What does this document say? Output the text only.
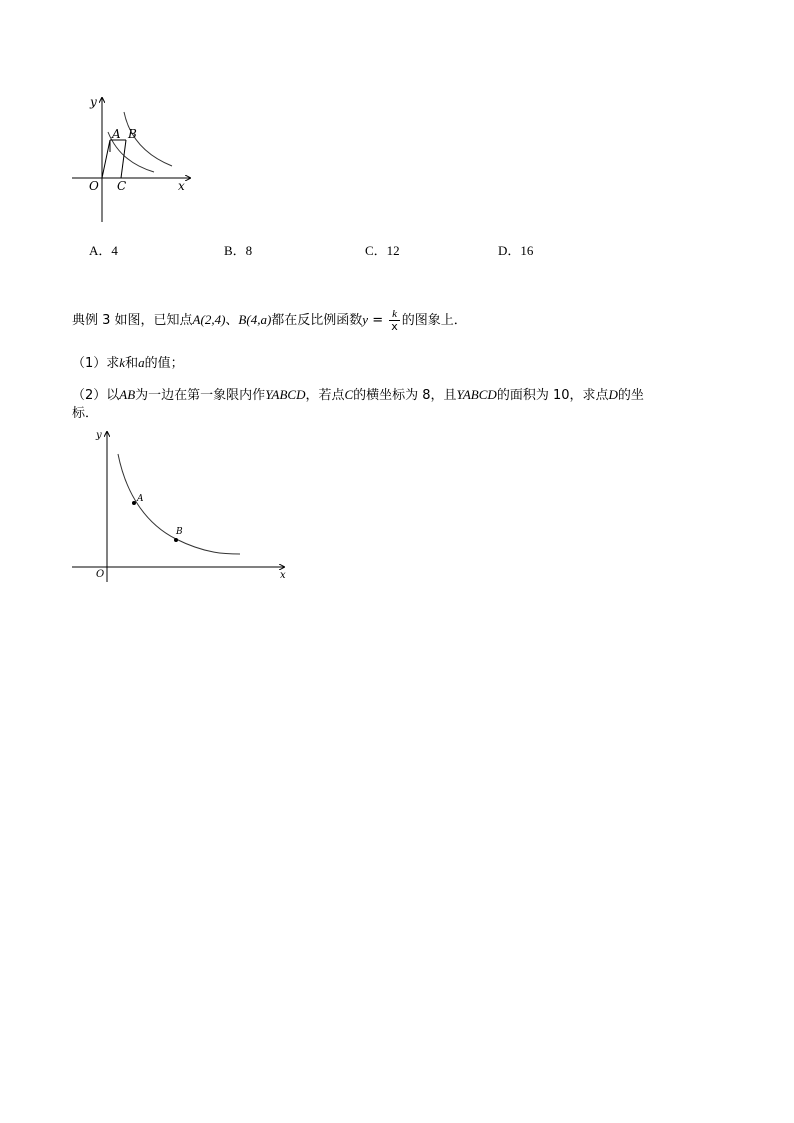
y
x
O
A B
C
A．4	B．8	C．12	D．16
典例 3 如图，已知点A(2,4)、B(4,a)都在反比例函数$y = \frac{k}{x}$ 的图象上．
（1）求k和a的值；
（2）以AB为一边在第一象限内作YABCD，若点C的横坐标为 8，且YABCD的面积为 10，求点D的坐
标．
y
x
O
A
B
